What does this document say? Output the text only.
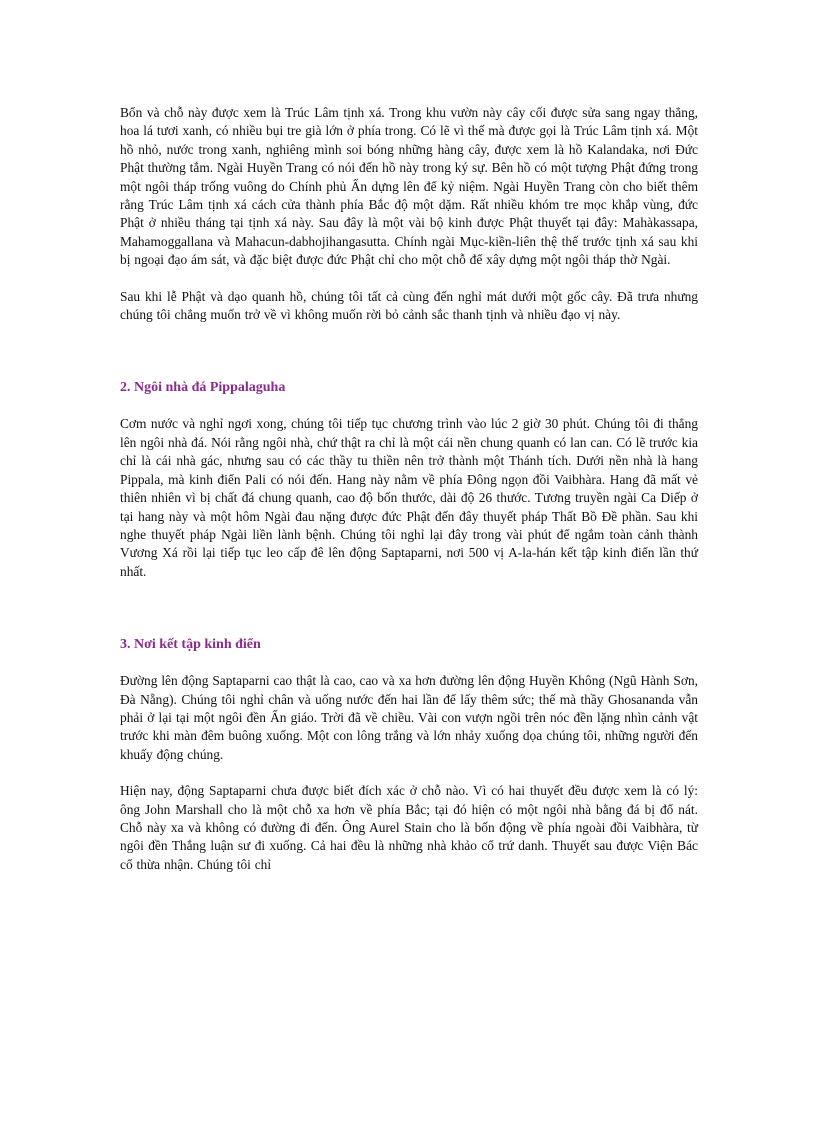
Bổn và chỗ này được xem là Trúc Lâm tịnh xá. Trong khu vườn này cây cối được sửa sang ngay thẳng, hoa lá tươi xanh, có nhiều bụi tre già lớn ở phía trong. Có lẽ vì thế mà được gọi là Trúc Lâm tịnh xá. Một hồ nhỏ, nước trong xanh, nghiêng mình soi bóng những hàng cây, được xem là hồ Kalandaka, nơi Đức Phật thường tắm. Ngài Huyền Trang có nói đến hồ này trong ký sự. Bên hồ có một tượng Phật đứng trong một ngôi tháp trống vuông do Chính phủ Ấn dựng lên để kỷ niệm. Ngài Huyền Trang còn cho biết thêm rằng Trúc Lâm tịnh xá cách cửa thành phía Bắc độ một dặm. Rất nhiều khóm tre mọc khắp vùng, đức Phật ở nhiều tháng tại tịnh xá này. Sau đây là một vài bộ kinh được Phật thuyết tại đây: Mahàkassapa, Mahamoggallana và Mahacun-dabhojihangasutta. Chính ngài Mục-kiền-liên thệ thế trước tịnh xá sau khi bị ngoại đạo ám sát, và đặc biệt được đức Phật chỉ cho một chỗ để xây dựng một ngôi tháp thờ Ngài.

Sau khi lễ Phật và dạo quanh hồ, chúng tôi tất cả cùng đến nghỉ mát dưới một gốc cây. Đã trưa nhưng chúng tôi chẳng muốn trở về vì không muốn rời bỏ cảnh sắc thanh tịnh và nhiều đạo vị này.

2. Ngôi nhà đá Pippalaguha

Cơm nước và nghỉ ngơi xong, chúng tôi tiếp tục chương trình vào lúc 2 giờ 30 phút. Chúng tôi đi thẳng lên ngôi nhà đá. Nói rằng ngôi nhà, chứ thật ra chỉ là một cái nền chung quanh có lan can. Có lẽ trước kia chỉ là cái nhà gác, nhưng sau có các thầy tu thiền nên trở thành một Thánh tích. Dưới nền nhà là hang Pippala, mà kinh điển Pali có nói đến. Hang này nằm về phía Đông ngọn đồi Vaibhàra. Hang đã mất vẻ thiên nhiên vì bị chất đá chung quanh, cao độ bốn thước, dài độ 26 thước. Tương truyền ngài Ca Diếp ở tại hang này và một hôm Ngài đau nặng được đức Phật đến đây thuyết pháp Thất Bồ Đề phần. Sau khi nghe thuyết pháp Ngài liền lành bệnh. Chúng tôi nghỉ lại đây trong vài phút để ngắm toàn cảnh thành Vương Xá rồi lại tiếp tục leo cấp đê lên động Saptaparni, nơi 500 vị A-la-hán kết tập kinh điển lần thứ nhất.

3. Nơi kết tập kinh điển

Đường lên động Saptaparni cao thật là cao, cao và xa hơn đường lên động Huyền Không (Ngũ Hành Sơn, Đà Nẵng). Chúng tôi nghỉ chân và uống nước đến hai lần để lấy thêm sức; thế mà thầy Ghosananda vẫn phải ở lại tại một ngôi đền Ấn giáo. Trời đã về chiều. Vài con vượn ngồi trên nóc đền lặng nhìn cảnh vật trước khi màn đêm buông xuống. Một con lông trắng và lớn nhảy xuống dọa chúng tôi, những người đến khuấy động chúng.

Hiện nay, động Saptaparni chưa được biết đích xác ở chỗ nào. Vì có hai thuyết đều được xem là có lý: ông John Marshall cho là một chỗ xa hơn về phía Bắc; tại đó hiện có một ngôi nhà bằng đá bị đổ nát. Chỗ này xa và không có đường đi đến. Ông Aurel Stain cho là bốn động về phía ngoài đồi Vaibhàra, từ ngôi đền Thắng luận sư đi xuống. Cả hai đều là những nhà khảo cổ trứ danh. Thuyết sau được Viện Bác cổ thừa nhận. Chúng tôi chỉ
